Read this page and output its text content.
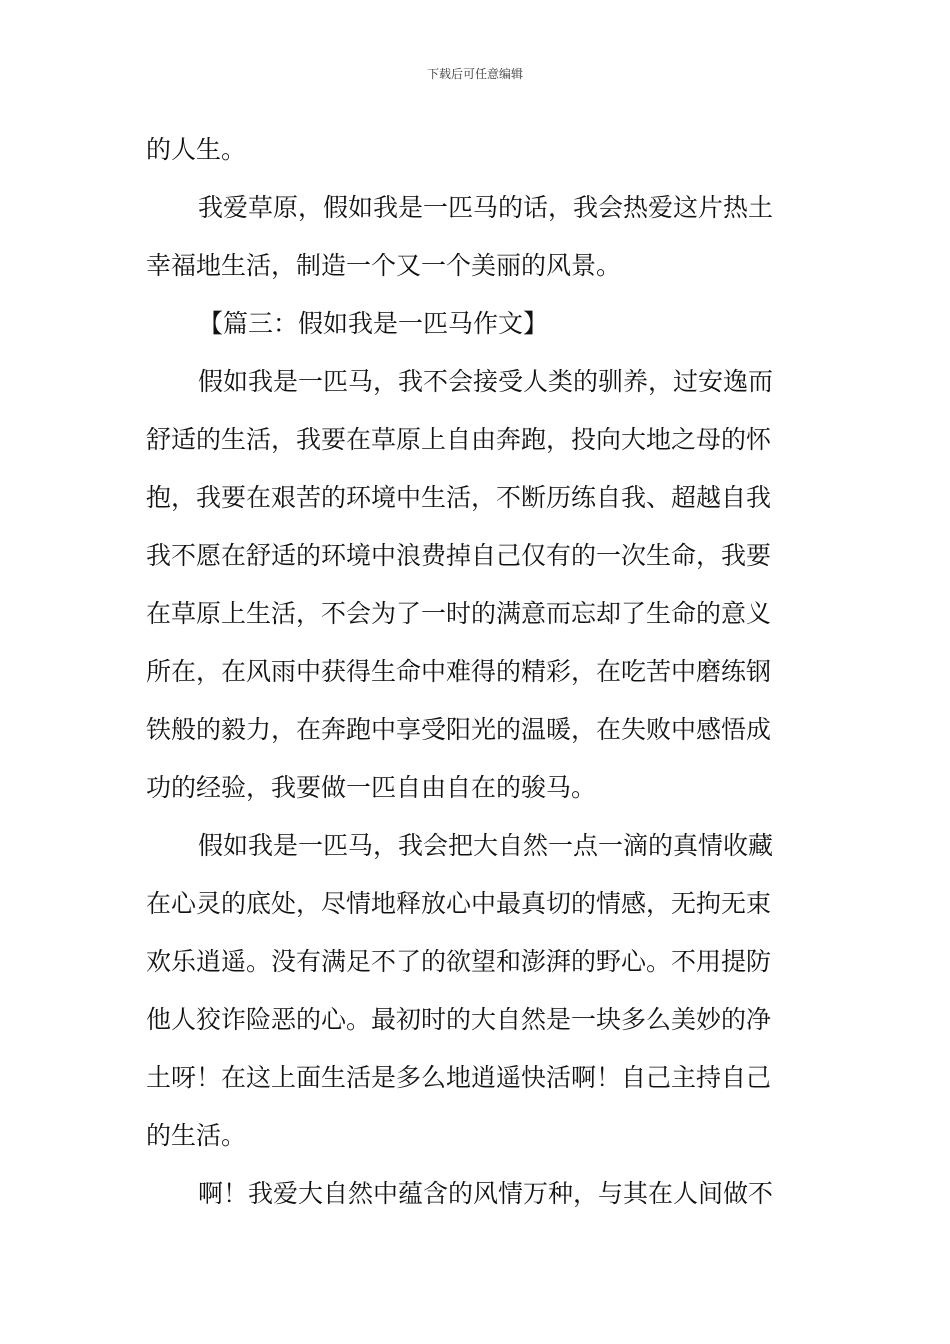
下载后可任意编辑
的人生。
我爱草原，假如我是一匹马的话，我会热爱这片热土
幸福地生活，制造一个又一个美丽的风景。
【篇三：假如我是一匹马作文】
假如我是一匹马，我不会接受人类的驯养，过安逸而
舒适的生活，我要在草原上自由奔跑，投向大地之母的怀
抱，我要在艰苦的环境中生活，不断历练自我、超越自我
我不愿在舒适的环境中浪费掉自己仅有的一次生命，我要
在草原上生活，不会为了一时的满意而忘却了生命的意义
所在，在风雨中获得生命中难得的精彩，在吃苦中磨练钢
铁般的毅力，在奔跑中享受阳光的温暖，在失败中感悟成
功的经验，我要做一匹自由自在的骏马。
假如我是一匹马，我会把大自然一点一滴的真情收藏
在心灵的底处，尽情地释放心中最真切的情感，无拘无束
欢乐逍遥。没有满足不了的欲望和澎湃的野心。不用提防
他人狡诈险恶的心。最初时的大自然是一块多么美妙的净
土呀！在这上面生活是多么地逍遥快活啊！自己主持自己
的生活。
啊！我爱大自然中蕴含的风情万种，与其在人间做不
